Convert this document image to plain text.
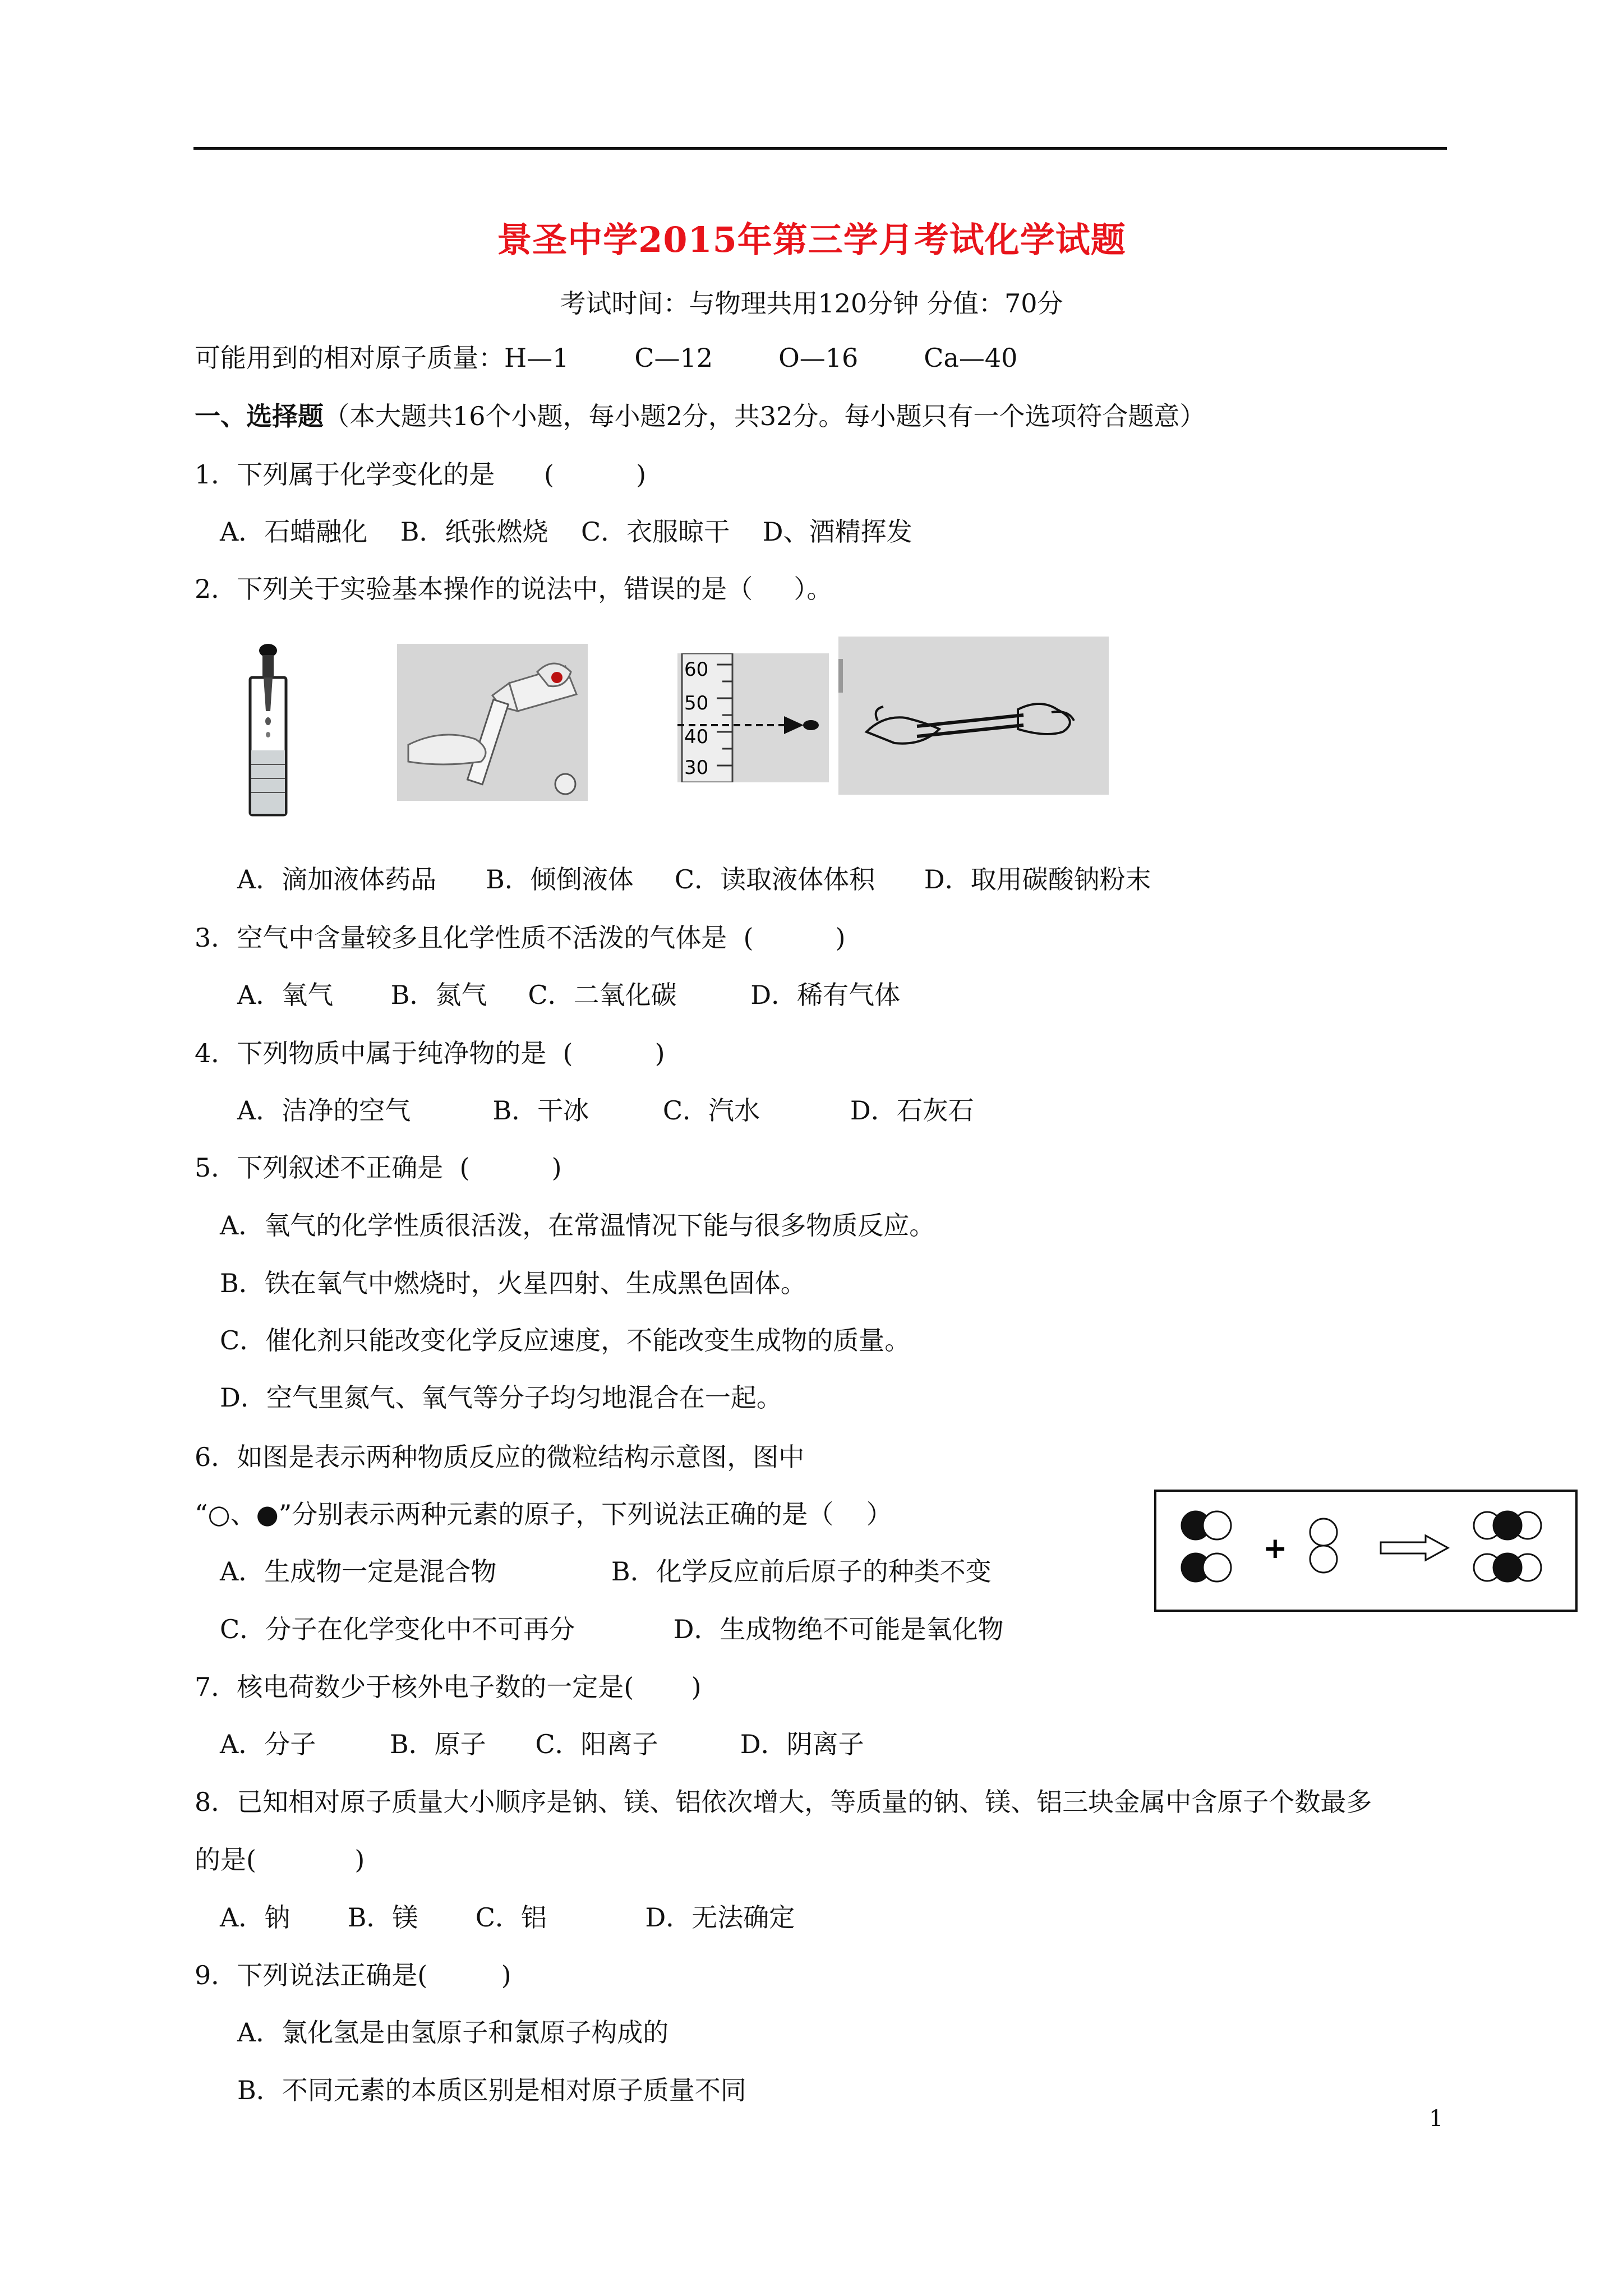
景圣中学2015年第三学月考试化学试题
考试时间：与物理共用120分钟 分值：70分
可能用到的相对原子质量：H—1        C—12        O—16        Ca—40
一、选择题（本大题共16个小题，每小题2分，共32分。每小题只有一个选项符合题意）
1．下列属于化学变化的是      (          )
A．石蜡融化    B．纸张燃烧    C．衣服晾干    D、酒精挥发
2．下列关于实验基本操作的说法中，错误的是（     ）。
60
50
40
30
A．滴加液体药品      B．倾倒液体     C．读取液体体积      D．取用碳酸钠粉末
3．空气中含量较多且化学性质不活泼的气体是  (          )
A．氧气       B．氮气     C．二氧化碳         D．稀有气体
4．下列物质中属于纯净物的是  (          )
A．洁净的空气          B．干冰         C．汽水           D．石灰石
5．下列叙述不正确是  (          )
A．氧气的化学性质很活泼，在常温情况下能与很多物质反应。
B．铁在氧气中燃烧时，火星四射、生成黑色固体。
C．催化剂只能改变化学反应速度，不能改变生成物的质量。
D．空气里氮气、氧气等分子均匀地混合在一起。
6．如图是表示两种物质反应的微粒结构示意图，图中
“○、●”分别表示两种元素的原子，下列说法正确的是（    ）
A．生成物一定是混合物              B．化学反应前后原子的种类不变
C．分子在化学变化中不可再分            D．生成物绝不可能是氧化物
+
7．核电荷数少于核外电子数的一定是(       )
A．分子         B．原子      C．阳离子          D．阴离子
8．已知相对原子质量大小顺序是钠、镁、铝依次增大，等质量的钠、镁、铝三块金属中含原子个数最多
的是(            )
A．钠       B．镁       C．铝            D．无法确定
9．下列说法正确是(         )
A．氯化氢是由氢原子和氯原子构成的
B．不同元素的本质区别是相对原子质量不同
1
